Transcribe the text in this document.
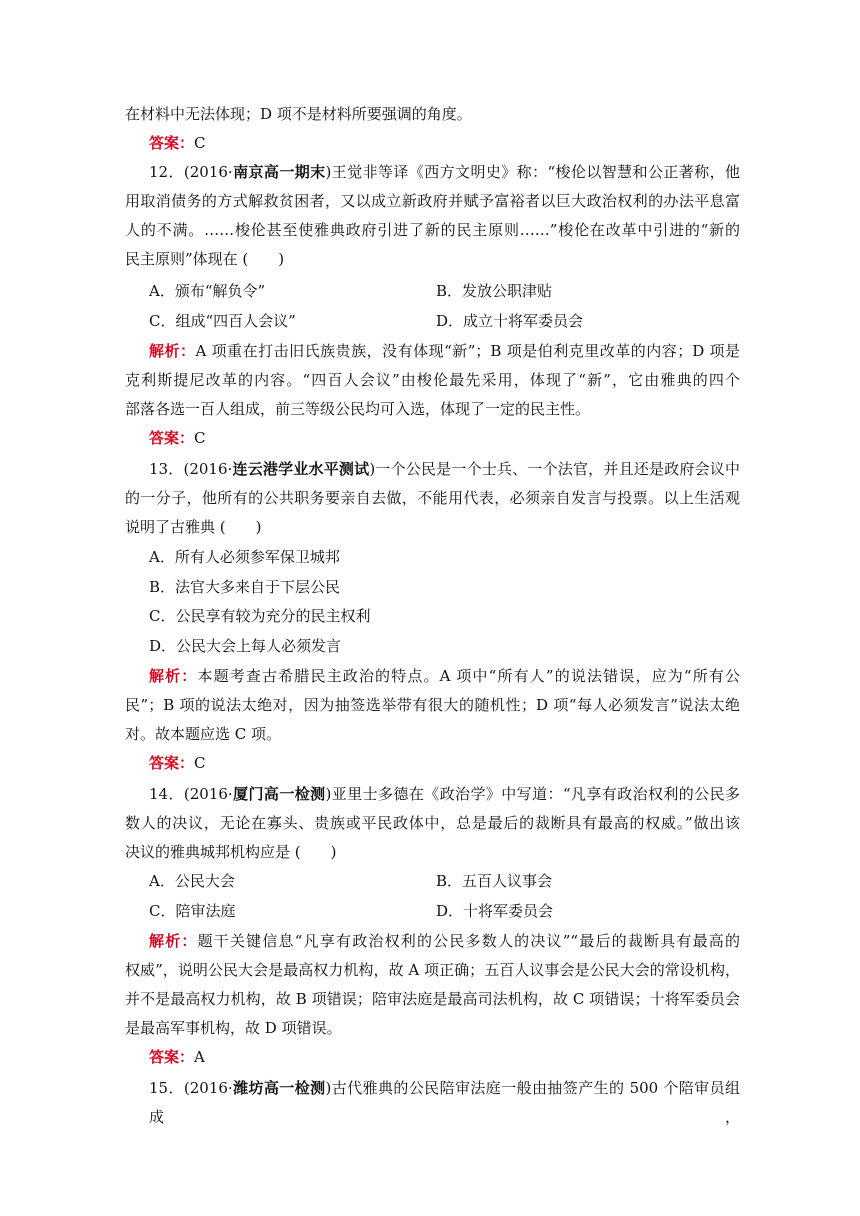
在材料中无法体现；D 项不是材料所要强调的角度。
答案：C
12．(2016·南京高一期末)王觉非等译《西方文明史》称：“梭伦以智慧和公正著称，他
用取消债务的方式解救贫困者，又以成立新政府并赋予富裕者以巨大政治权利的办法平息富
人的不满。……梭伦甚至使雅典政府引进了新的民主原则……”梭伦在改革中引进的“新的
民主原则”体现在 (　　)
A．颁布“解负令”	B．发放公职津贴
C．组成“四百人会议”	D．成立十将军委员会
解析：A 项重在打击旧氏族贵族，没有体现“新”；B 项是伯利克里改革的内容；D 项是
克利斯提尼改革的内容。“四百人会议”由梭伦最先采用，体现了“新”，它由雅典的四个
部落各选一百人组成，前三等级公民均可入选，体现了一定的民主性。
答案：C
13．(2016·连云港学业水平测试)一个公民是一个士兵、一个法官，并且还是政府会议中
的一分子，他所有的公共职务要亲自去做，不能用代表，必须亲自发言与投票。以上生活观
说明了古雅典 (　　)
A．所有人必须参军保卫城邦
B．法官大多来自于下层公民
C．公民享有较为充分的民主权利
D．公民大会上每人必须发言
解析：本题考查古希腊民主政治的特点。A 项中“所有人”的说法错误，应为“所有公
民”；B 项的说法太绝对，因为抽签选举带有很大的随机性；D 项“每人必须发言”说法太绝
对。故本题应选 C 项。
答案：C
14．(2016·厦门高一检测)亚里士多德在《政治学》中写道：“凡享有政治权利的公民多
数人的决议，无论在寡头、贵族或平民政体中，总是最后的裁断具有最高的权威。”做出该
决议的雅典城邦机构应是 (　　)
A．公民大会	B．五百人议事会
C．陪审法庭	D．十将军委员会
解析：题干关键信息“凡享有政治权利的公民多数人的决议”“最后的裁断具有最高的
权威”，说明公民大会是最高权力机构，故 A 项正确；五百人议事会是公民大会的常设机构，
并不是最高权力机构，故 B 项错误；陪审法庭是最高司法机构，故 C 项错误；十将军委员会
是最高军事机构，故 D 项错误。
答案：A
15．(2016·潍坊高一检测)古代雅典的公民陪审法庭一般由抽签产生的 500 个陪审员组成，
